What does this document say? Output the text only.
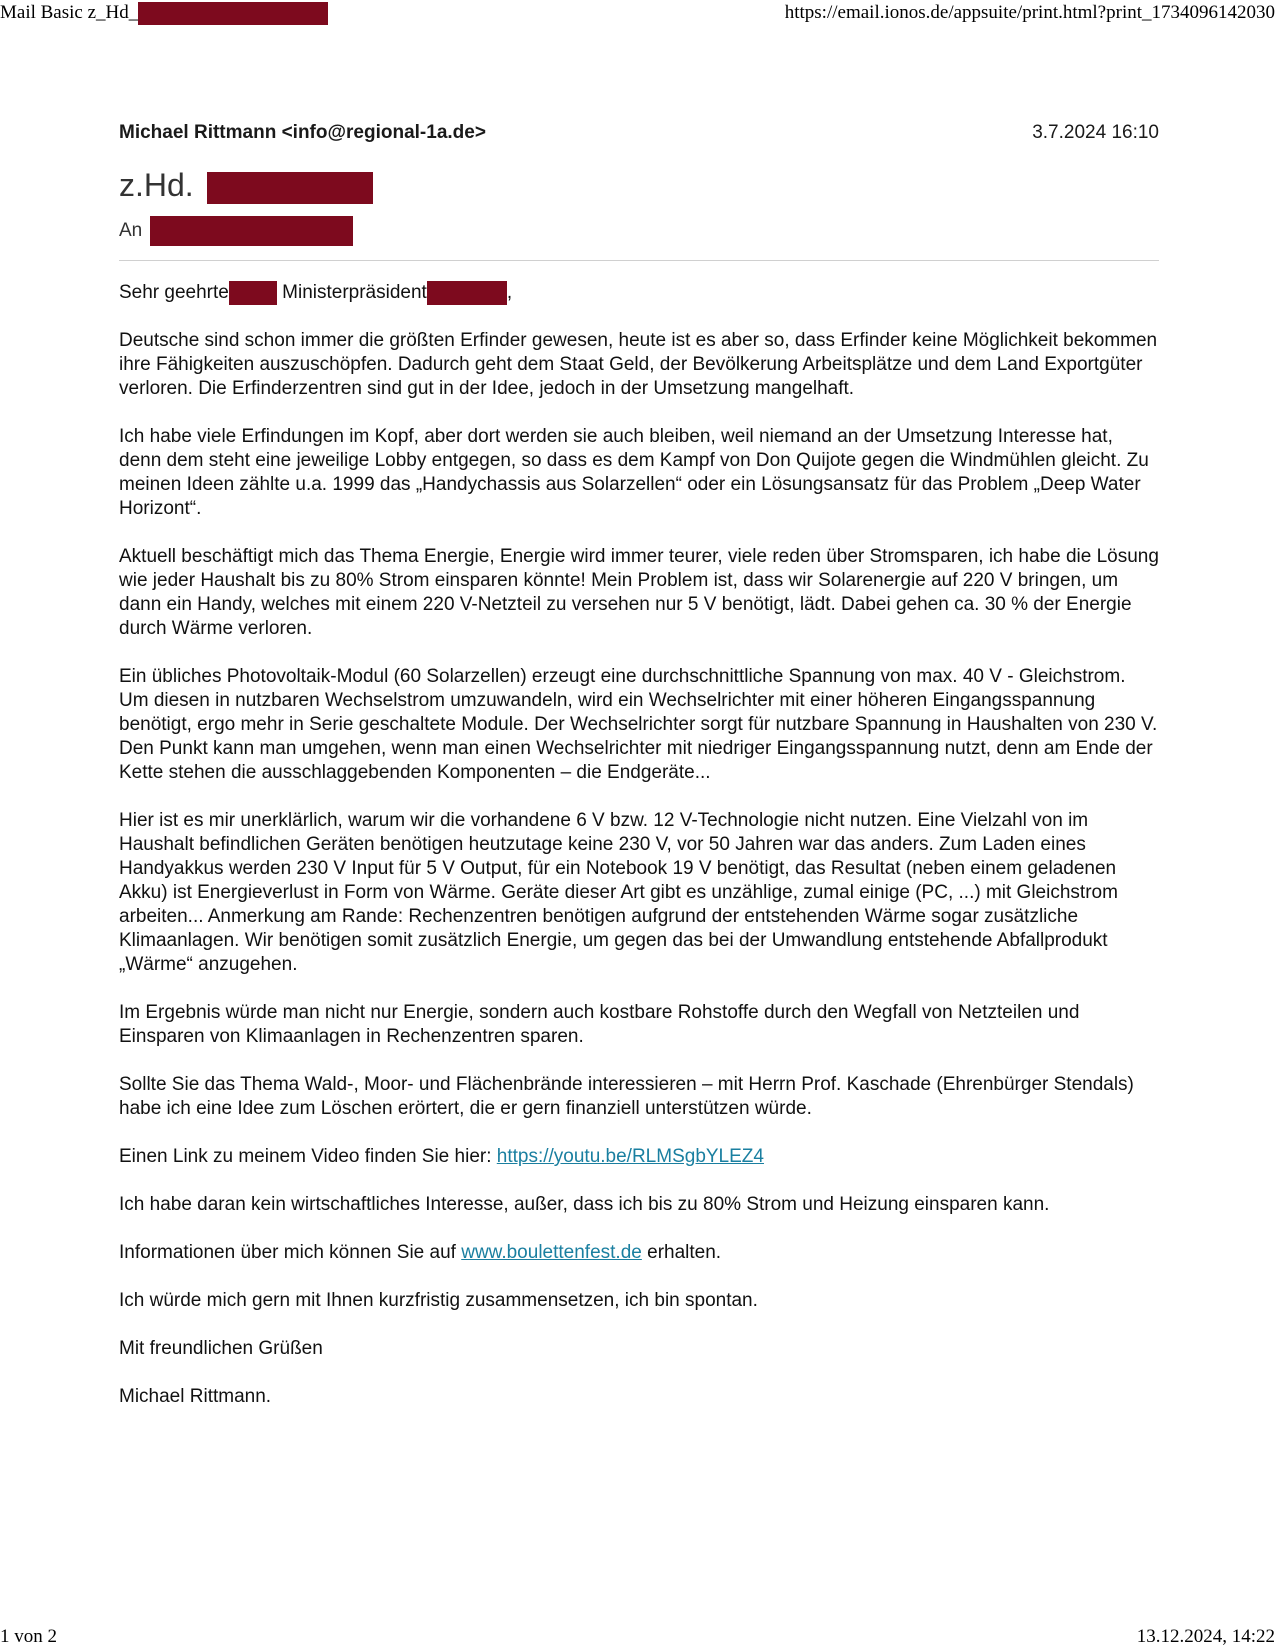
Mail Basic z_Hd_	https://email.ionos.de/appsuite/print.html?print_1734096142030
Michael Rittmann <info@regional-1a.de>	3.7.2024 16:10
z.Hd.
An

Sehr geehrte	Ministerpräsident	,

Deutsche sind schon immer die größten Erfinder gewesen, heute ist es aber so, dass Erfinder keine Möglichkeit bekommen ihre Fähigkeiten auszuschöpfen. Dadurch geht dem Staat Geld, der Bevölkerung Arbeitsplätze und dem Land Exportgüter verloren. Die Erfinderzentren sind gut in der Idee, jedoch in der Umsetzung mangelhaft.

Ich habe viele Erfindungen im Kopf, aber dort werden sie auch bleiben, weil niemand an der Umsetzung Interesse hat, denn dem steht eine jeweilige Lobby entgegen, so dass es dem Kampf von Don Quijote gegen die Windmühlen gleicht. Zu meinen Ideen zählte u.a. 1999 das „Handychassis aus Solarzellen“ oder ein Lösungsansatz für das Problem „Deep Water Horizont“.

Aktuell beschäftigt mich das Thema Energie, Energie wird immer teurer, viele reden über Stromsparen, ich habe die Lösung wie jeder Haushalt bis zu 80% Strom einsparen könnte! Mein Problem ist, dass wir Solarenergie auf 220 V bringen, um dann ein Handy, welches mit einem 220 V-Netzteil zu versehen nur 5 V benötigt, lädt. Dabei gehen ca. 30 % der Energie durch Wärme verloren.

Ein übliches Photovoltaik-Modul (60 Solarzellen) erzeugt eine durchschnittliche Spannung von max. 40 V - Gleichstrom. Um diesen in nutzbaren Wechselstrom umzuwandeln, wird ein Wechselrichter mit einer höheren Eingangsspannung benötigt, ergo mehr in Serie geschaltete Module. Der Wechselrichter sorgt für nutzbare Spannung in Haushalten von 230 V. Den Punkt kann man umgehen, wenn man einen Wechselrichter mit niedriger Eingangsspannung nutzt, denn am Ende der Kette stehen die ausschlaggebenden Komponenten – die Endgeräte...

Hier ist es mir unerklärlich, warum wir die vorhandene 6 V bzw. 12 V-Technologie nicht nutzen. Eine Vielzahl von im Haushalt befindlichen Geräten benötigen heutzutage keine 230 V, vor 50 Jahren war das anders. Zum Laden eines Handyakkus werden 230 V Input für 5 V Output, für ein Notebook 19 V benötigt, das Resultat (neben einem geladenen Akku) ist Energieverlust in Form von Wärme. Geräte dieser Art gibt es unzählige, zumal einige (PC, ...) mit Gleichstrom arbeiten... Anmerkung am Rande: Rechenzentren benötigen aufgrund der entstehenden Wärme sogar zusätzliche Klimaanlagen. Wir benötigen somit zusätzlich Energie, um gegen das bei der Umwandlung entstehende Abfallprodukt „Wärme“ anzugehen.

Im Ergebnis würde man nicht nur Energie, sondern auch kostbare Rohstoffe durch den Wegfall von Netzteilen und Einsparen von Klimaanlagen in Rechenzentren sparen.

Sollte Sie das Thema Wald-, Moor- und Flächenbrände interessieren – mit Herrn Prof. Kaschade (Ehrenbürger Stendals) habe ich eine Idee zum Löschen erörtert, die er gern finanziell unterstützen würde.

Einen Link zu meinem Video finden Sie hier: https://youtu.be/RLMSgbYLEZ4

Ich habe daran kein wirtschaftliches Interesse, außer, dass ich bis zu 80% Strom und Heizung einsparen kann.

Informationen über mich können Sie auf www.boulettenfest.de erhalten.

Ich würde mich gern mit Ihnen kurzfristig zusammensetzen, ich bin spontan.

Mit freundlichen Grüßen

Michael Rittmann.

1 von 2	13.12.2024, 14:22
